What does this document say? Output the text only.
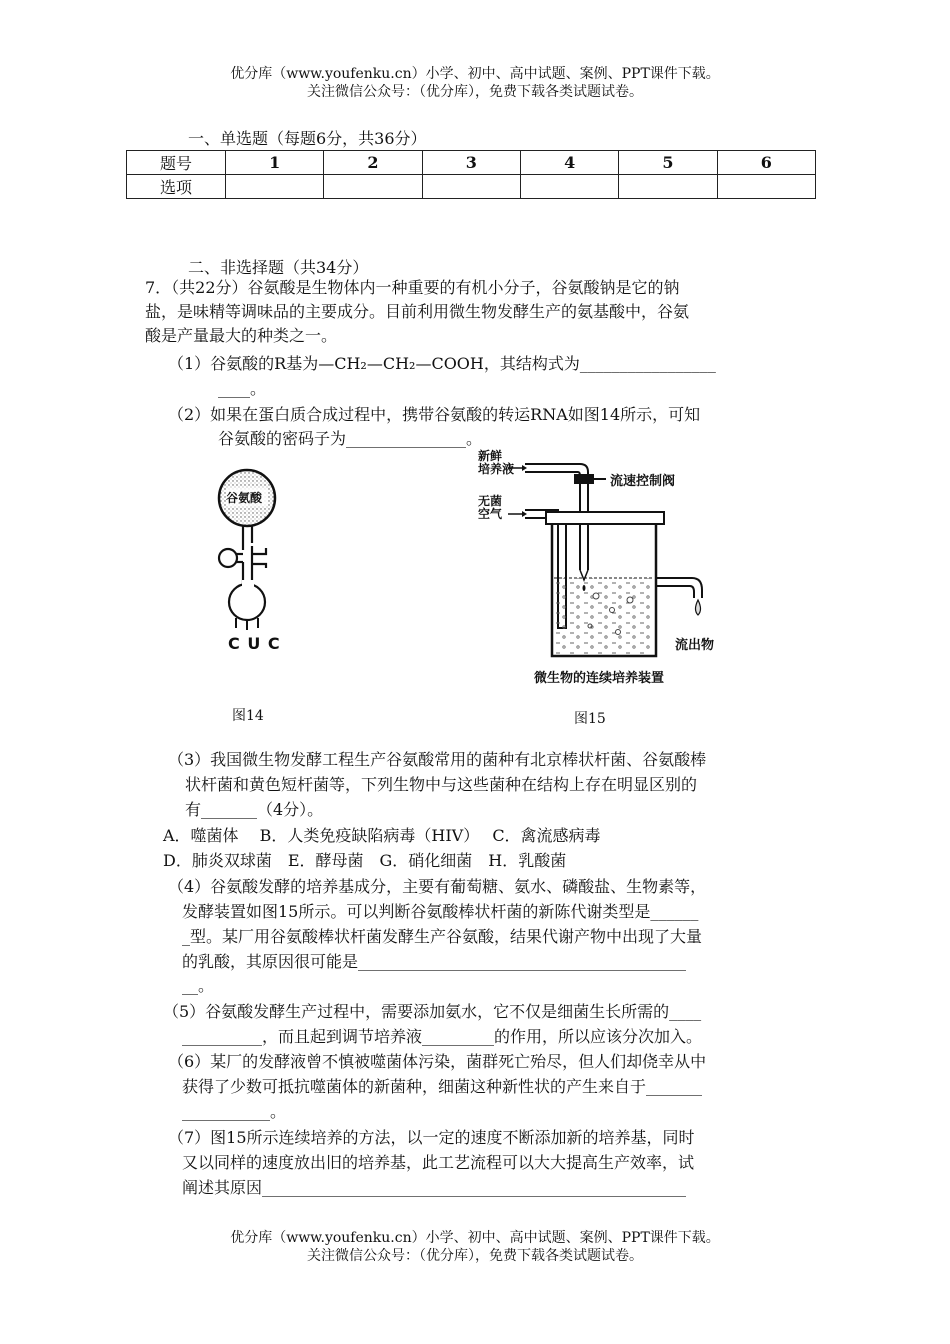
优分库（www.youfenku.cn）小学、初中、高中试题、案例、PPT课件下载。
关注微信公众号：（优分库），免费下载各类试题试卷。
一、单选题（每题6分，共36分）
题号	1	2	3	4	5	6
选项						
二、非选择题（共34分）
7．（共22分）谷氨酸是生物体内一种重要的有机小分子，谷氨酸钠是它的钠
盐，是味精等调味品的主要成分。目前利用微生物发酵生产的氨基酸中，谷氨
酸是产量最大的种类之一。
（1）谷氨酸的R基为—CH₂—CH₂—COOH，其结构式为_________________
____。
（2）如果在蛋白质合成过程中，携带谷氨酸的转运RNA如图14所示，可知
谷氨酸的密码子为_______________。
谷氨酸
C U C
图14
新鲜
培养液
流速控制阀
无菌
空气
流出物
微生物的连续培养装置
图15
（3）我国微生物发酵工程生产谷氨酸常用的菌种有北京棒状杆菌、谷氨酸棒
状杆菌和黄色短杆菌等，下列生物中与这些菌种在结构上存在明显区别的
有_______（4分）。
A．噬菌体　 B．人类免疫缺陷病毒（HIV）　 C．禽流感病毒
D．肺炎双球菌　E．酵母菌　G．硝化细菌　H．乳酸菌
（4）谷氨酸发酵的培养基成分，主要有葡萄糖、氨水、磷酸盐、生物素等，
发酵装置如图15所示。可以判断谷氨酸棒状杆菌的新陈代谢类型是______
_型。某厂用谷氨酸棒状杆菌发酵生产谷氨酸，结果代谢产物中出现了大量
的乳酸，其原因很可能是_________________________________________
__。
（5）谷氨酸发酵生产过程中，需要添加氨水，它不仅是细菌生长所需的____
__________，而且起到调节培养液_________的作用，所以应该分次加入。
（6）某厂的发酵液曾不慎被噬菌体污染，菌群死亡殆尽，但人们却侥幸从中
获得了少数可抵抗噬菌体的新菌种，细菌这种新性状的产生来自于_______
___________。
（7）图15所示连续培养的方法，以一定的速度不断添加新的培养基，同时
又以同样的速度放出旧的培养基，此工艺流程可以大大提高生产效率，试
阐述其原因_____________________________________________________
优分库（www.youfenku.cn）小学、初中、高中试题、案例、PPT课件下载。
关注微信公众号：（优分库），免费下载各类试题试卷。
